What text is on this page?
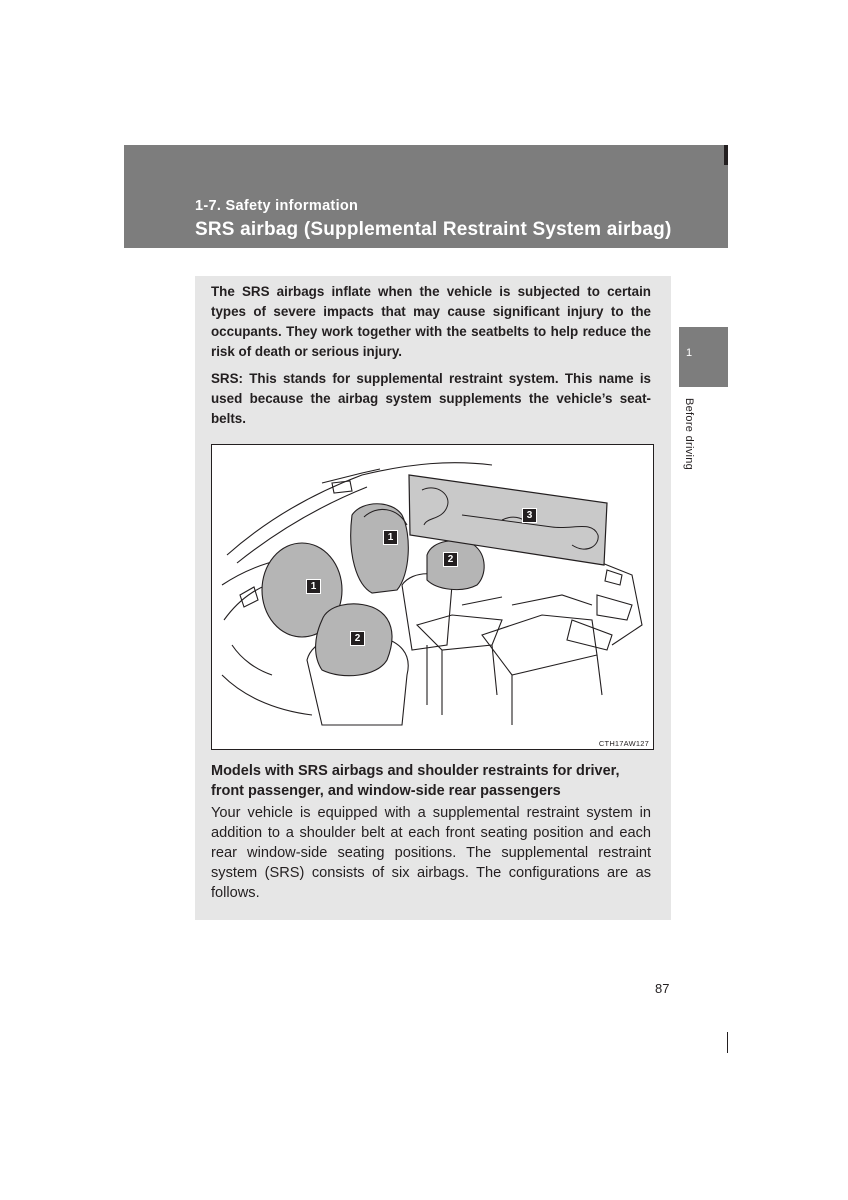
1-7. Safety information
SRS airbag (Supplemental Restraint System airbag)

The SRS airbags inflate when the vehicle is subjected to certain types of severe impacts that may cause significant injury to the occupants. They work together with the seatbelts to help reduce the risk of death or serious injury.

SRS: This stands for supplemental restraint system. This name is used because the airbag system supplements the vehicle’s seat-belts.

1
1
2
2
3
CTH17AW127

Models with SRS airbags and shoulder restraints for driver, front passenger, and window-side rear passengers

Your vehicle is equipped with a supplemental restraint system in addition to a shoulder belt at each front seating position and each rear window-side seating positions. The supplemental restraint system (SRS) consists of six airbags. The configurations are as follows.

1
Before driving
87
